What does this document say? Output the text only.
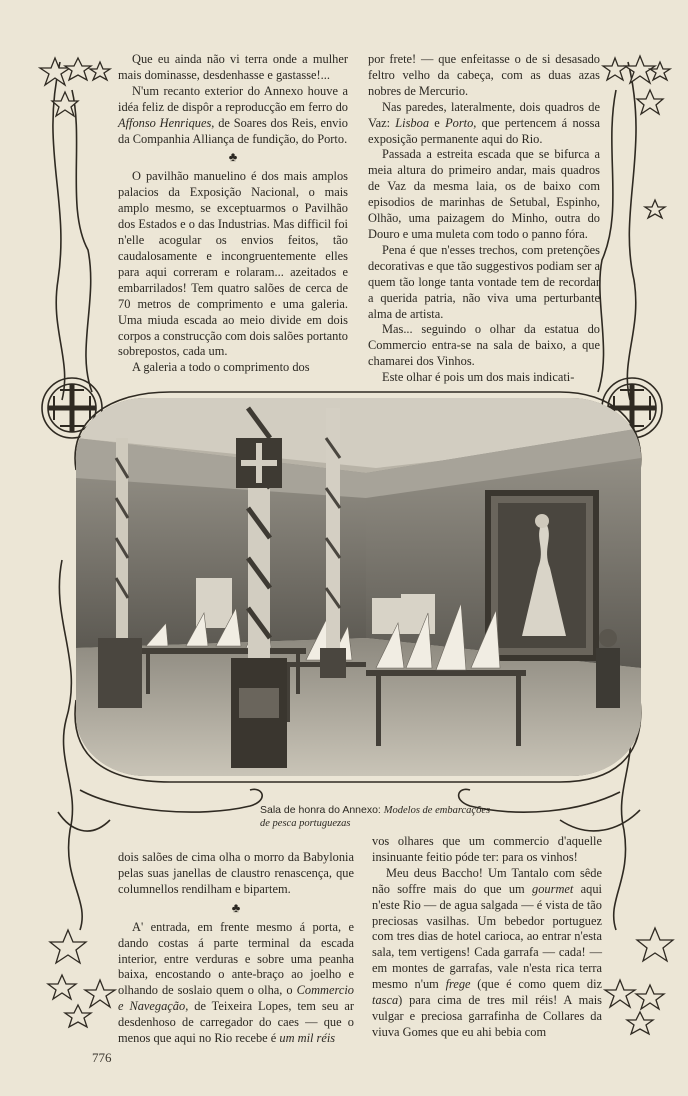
Que eu ainda não vi terra onde a mulher mais dominasse, desdenhasse e gastasse!...

N'um recanto exterior do Annexo houve a idéa feliz de dispôr a reproducção em ferro do Affonso Henriques, de Soares dos Reis, envio da Companhia Alliança de fundição, do Porto.

♣

O pavilhão manuelino é dos mais amplos palacios da Exposição Nacional, o mais amplo mesmo, se exceptuarmos o Pavilhão dos Estados e o das Industrias. Mas difficil foi n'elle acogular os envios feitos, tão caudalosamente e incongruentemente elles para aqui correram e rolaram... azeitados e embarrilados! Tem quatro salões de cerca de 70 metros de comprimento e uma galeria. Uma miuda escada ao meio divide em dois corpos a construcção com dois salões portanto sobrepostos, cada um.

A galeria a todo o comprimento dos

por frete! — que enfeitasse o de si desasado feltro velho da cabeça, com as duas azas nobres de Mercurio.

Nas paredes, lateralmente, dois quadros de Vaz: Lisboa e Porto, que pertencem á nossa exposição permanente aqui do Rio.

Passada a estreita escada que se bifurca a meia altura do primeiro andar, mais quadros de Vaz da mesma laia, os de baixo com episodios de marinhas de Setubal, Espinho, Olhão, uma paizagem do Minho, outra do Douro e uma muleta com todo o panno fóra.

Pena é que n'esses trechos, com pretenções decorativas e que tão suggestivos podiam ser a quem tão longe tanta vontade tem de recordar a querida patria, não viva uma perturbante alma de artista.

Mas... seguindo o olhar da estatua do Commercio entra-se na sala de baixo, a que chamarei dos Vinhos.

Este olhar é pois um dos mais indicati-

Sala de honra do Annexo: Modelos de embarcações de pesca portuguezas

dois salões de cima olha o morro da Babylonia pelas suas janellas de claustro renascença, que columnellos rendilham e bipartem.

♣

A' entrada, em frente mesmo á porta, e dando costas á parte terminal da escada interior, entre verduras e sobre uma peanha baixa, encostando o ante-braço ao joelho e olhando de soslaio quem o olha, o Commercio e Navegação, de Teixeira Lopes, tem seu ar desdenhoso de carregador do caes — que o menos que aqui no Rio recebe é um mil réis

vos olhares que um commercio d'aquelle insinuante feitio póde ter: para os vinhos!

Meu deus Baccho! Um Tantalo com sêde não soffre mais do que um gourmet aqui n'este Rio — de agua salgada — é vista de tão preciosas vasilhas. Um bebedor portuguez com tres dias de hotel carioca, ao entrar n'esta sala, tem vertigens! Cada garrafa — cada! — em montes de garrafas, vale n'esta rica terra mesmo n'um frege (que é como quem diz tasca) para cima de tres mil réis! A mais vulgar e preciosa garrafinha de Collares da viuva Gomes que eu ahi bebia com

776
